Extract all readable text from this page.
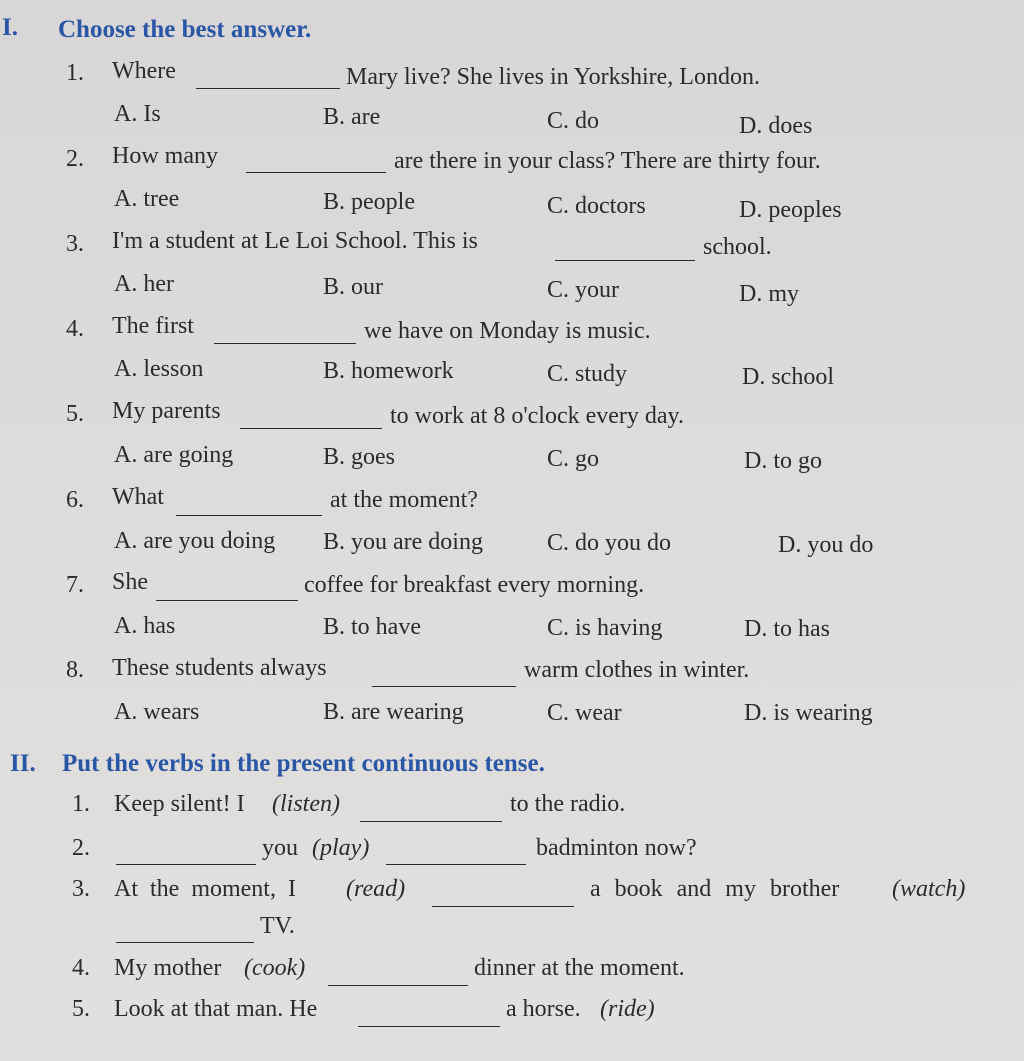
I. Choose the best answer.
1. Where	Mary live? She lives in Yorkshire, London.
A. Is	B. are	C. do	D. does
2. How many	are there in your class? There are thirty four.
A. tree	B. people	C. doctors	D. peoples
3. I'm a student at Le Loi School. This is	school.
A. her	B. our	C. your	D. my
4. The first	we have on Monday is music.
A. lesson	B. homework	C. study	D. school
5. My parents	to work at 8 o'clock every day.
A. are going	B. goes	C. go	D. to go
6. What	at the moment?
A. are you doing B. you are doing	C. do you do	D. you do
7. She	coffee for breakfast every morning.
A. has	B. to have	C. is having	D. to has
8. These students always	warm clothes in winter.
A. wears	B. are wearing	C. wear	D. is wearing
II. Put the verbs in the present continuous tense.
1. Keep silent! I (listen)	to the radio.
2.	you (play)	badminton now?
3. At the moment, I (read)	a book and my brother (watch)
TV.
4. My mother (cook)	dinner at the moment.
5. Look at that man. He	a horse. (ride)
